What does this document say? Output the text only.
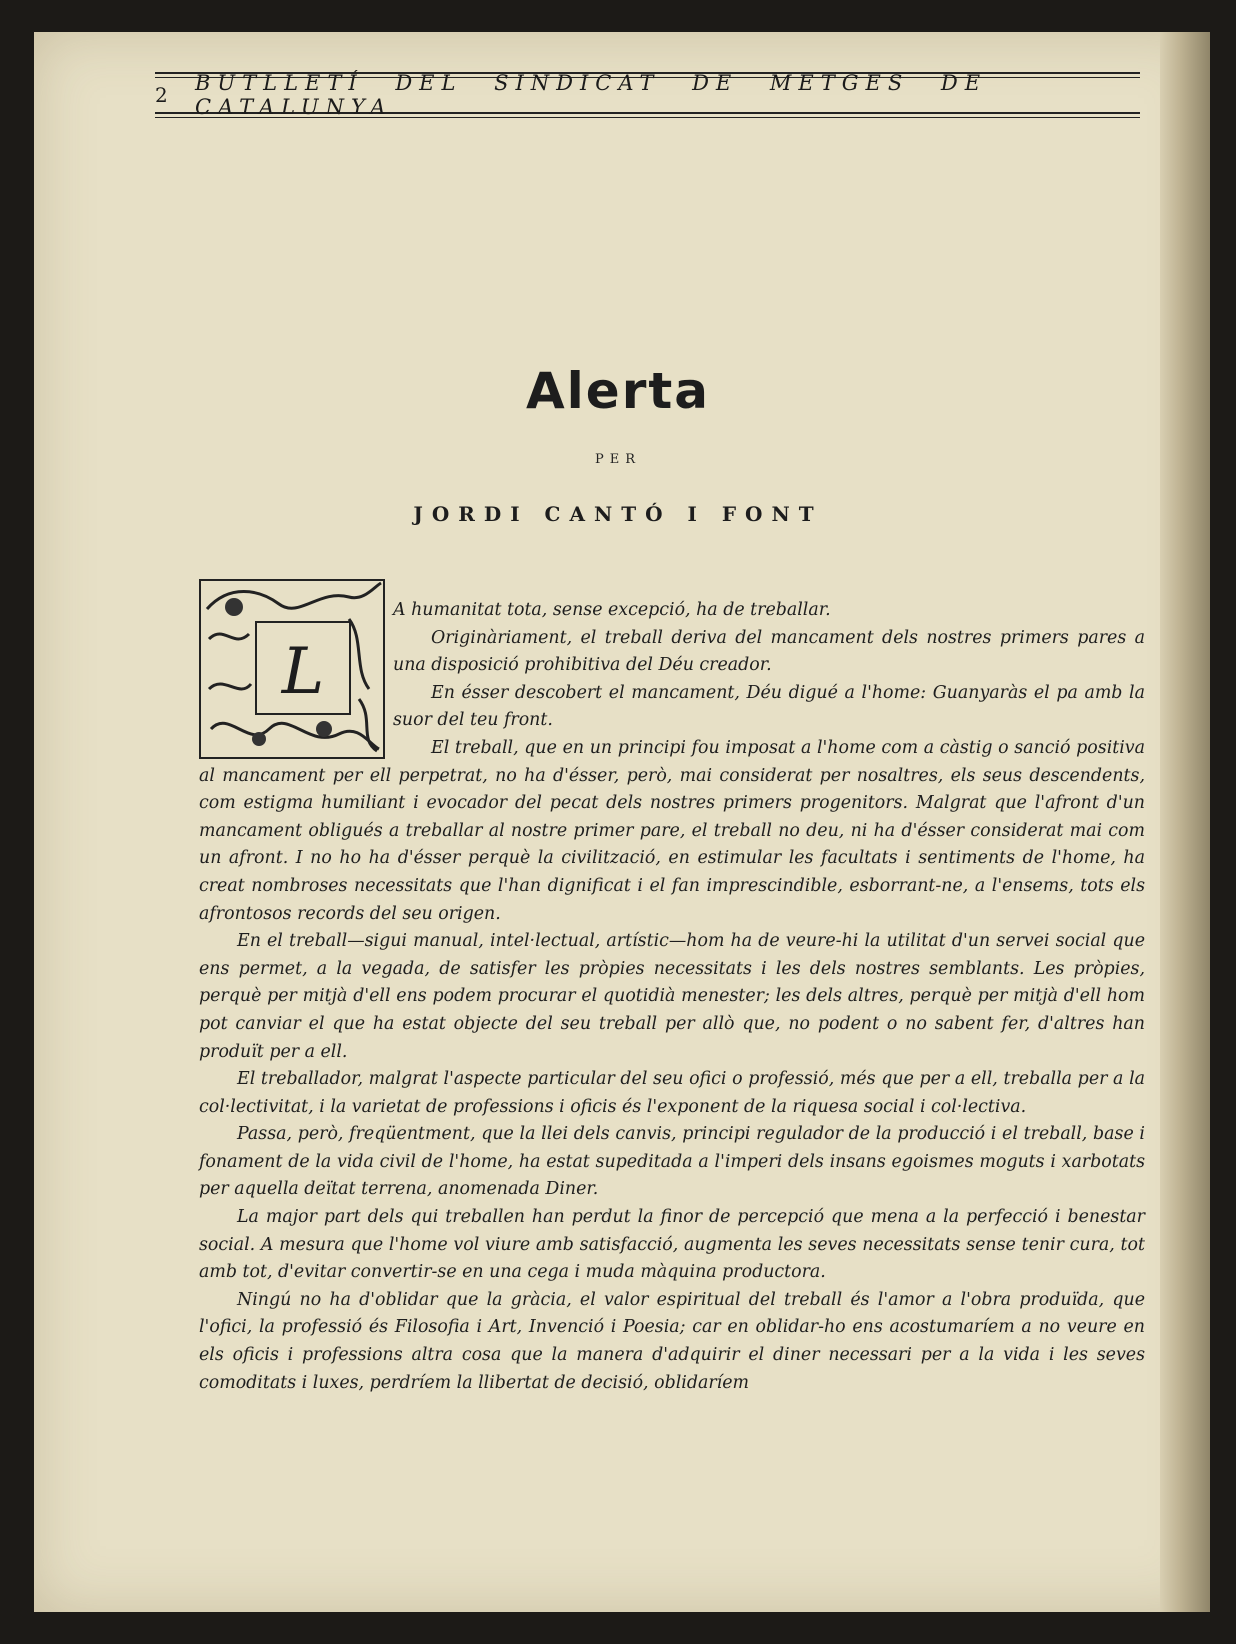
2	BUTLLETÍ DEL SINDICAT DE METGES DE CATALUNYA
Alerta
PER
JORDI CANTÓ I FONT
L

A humanitat tota, sense excepció, ha de treballar.

Originàriament, el treball deriva del mancament dels nostres primers pares a una disposició prohibitiva del Déu creador.

En ésser descobert el mancament, Déu digué a l'home: Guanyaràs el pa amb la suor del teu front.

El treball, que en un principi fou imposat a l'home com a càstig o sanció positiva al mancament per ell perpetrat, no ha d'ésser, però, mai considerat per nosaltres, els seus descendents, com estigma humiliant i evocador del pecat dels nostres primers progenitors. Malgrat que l'afront d'un mancament obligués a treballar al nostre primer pare, el treball no deu, ni ha d'ésser considerat mai com un afront. I no ho ha d'ésser perquè la civilització, en estimular les facultats i sentiments de l'home, ha creat nombroses necessitats que l'han dignificat i el fan imprescindible, esborrant-ne, a l'ensems, tots els afrontosos records del seu origen.

En el treball—sigui manual, intel·lectual, artístic—hom ha de veure-hi la utilitat d'un servei social que ens permet, a la vegada, de satisfer les pròpies necessitats i les dels nostres semblants. Les pròpies, perquè per mitjà d'ell ens podem procurar el quotidià menester; les dels altres, perquè per mitjà d'ell hom pot canviar el que ha estat objecte del seu treball per allò que, no podent o no sabent fer, d'altres han produït per a ell.

El treballador, malgrat l'aspecte particular del seu ofici o professió, més que per a ell, treballa per a la col·lectivitat, i la varietat de professions i oficis és l'exponent de la riquesa social i col·lectiva.

Passa, però, freqüentment, que la llei dels canvis, principi regulador de la producció i el treball, base i fonament de la vida civil de l'home, ha estat supeditada a l'imperi dels insans egoismes moguts i xarbotats per aquella deïtat terrena, anomenada Diner.

La major part dels qui treballen han perdut la finor de percepció que mena a la perfecció i benestar social. A mesura que l'home vol viure amb satisfacció, augmenta les seves necessitats sense tenir cura, tot amb tot, d'evitar convertir-se en una cega i muda màquina productora.

Ningú no ha d'oblidar que la gràcia, el valor espiritual del treball és l'amor a l'obra produïda, que l'ofici, la professió és Filosofia i Art, Invenció i Poesia; car en oblidar-ho ens acostumaríem a no veure en els oficis i professions altra cosa que la manera d'adquirir el diner necessari per a la vida i les seves comoditats i luxes, perdríem la llibertat de decisió, oblidaríem
